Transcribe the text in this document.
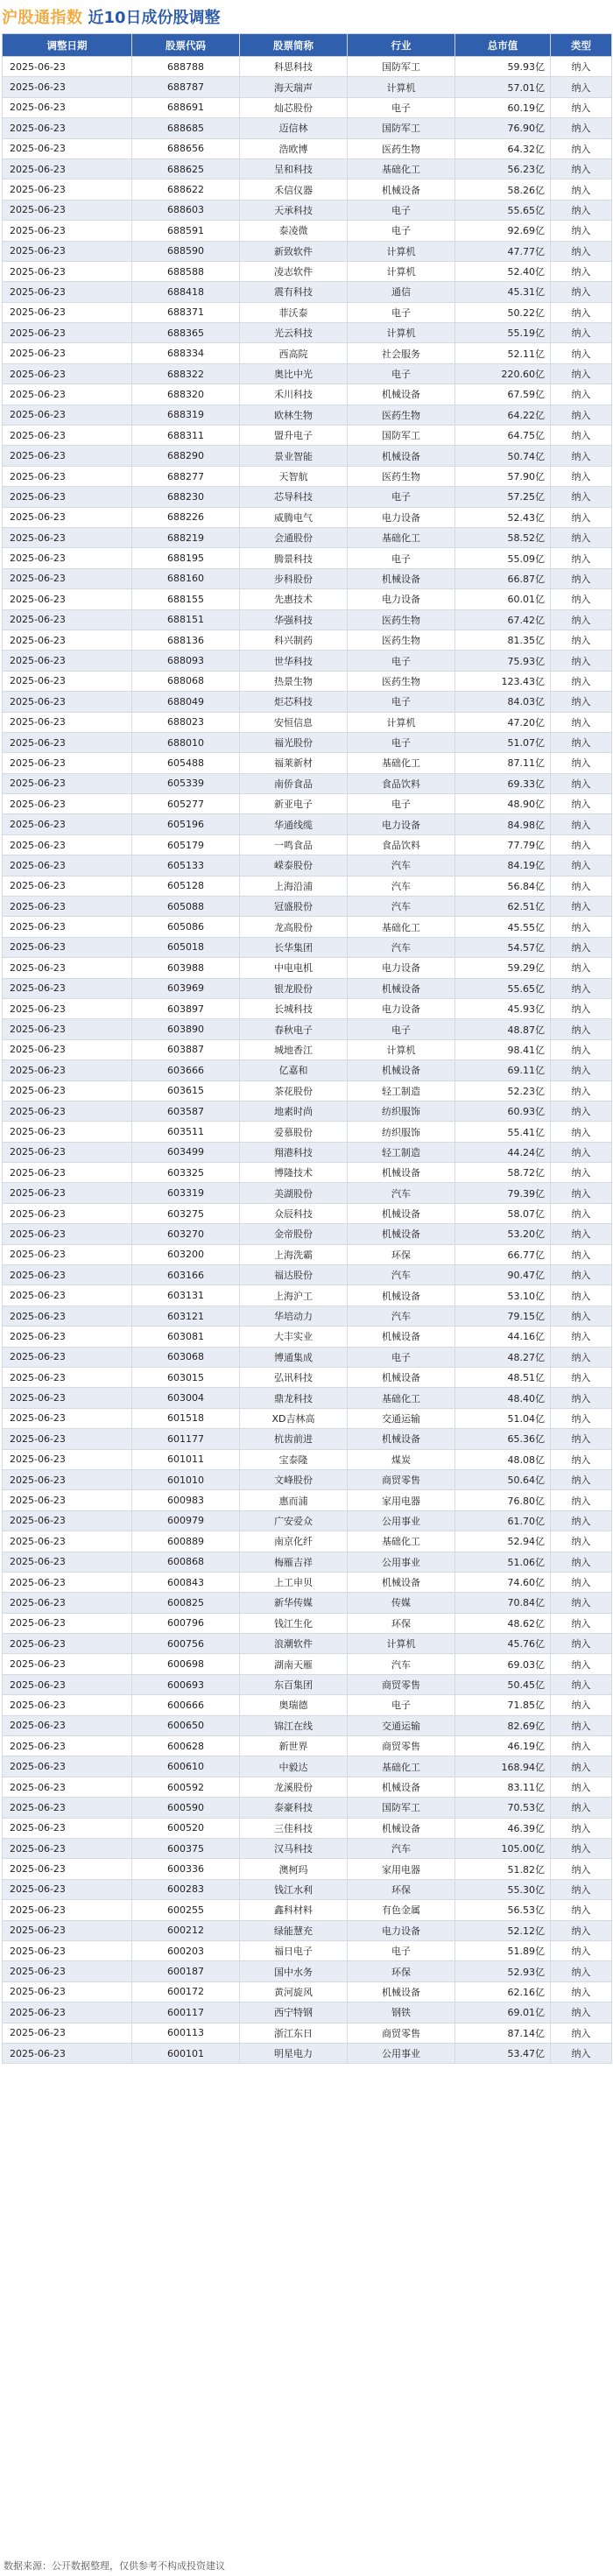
沪股通指数 近10日成份股调整
调整日期	股票代码	股票简称	行业	总市值	类型
2025-06-23	688788	科思科技	国防军工	59.93亿	纳入
2025-06-23	688787	海天瑞声	计算机	57.01亿	纳入
2025-06-23	688691	灿芯股份	电子	60.19亿	纳入
2025-06-23	688685	迈信林	国防军工	76.90亿	纳入
2025-06-23	688656	浩欧博	医药生物	64.32亿	纳入
2025-06-23	688625	呈和科技	基础化工	56.23亿	纳入
2025-06-23	688622	禾信仪器	机械设备	58.26亿	纳入
2025-06-23	688603	天承科技	电子	55.65亿	纳入
2025-06-23	688591	泰凌微	电子	92.69亿	纳入
2025-06-23	688590	新致软件	计算机	47.77亿	纳入
2025-06-23	688588	凌志软件	计算机	52.40亿	纳入
2025-06-23	688418	震有科技	通信	45.31亿	纳入
2025-06-23	688371	菲沃泰	电子	50.22亿	纳入
2025-06-23	688365	光云科技	计算机	55.19亿	纳入
2025-06-23	688334	西高院	社会服务	52.11亿	纳入
2025-06-23	688322	奥比中光	电子	220.60亿	纳入
2025-06-23	688320	禾川科技	机械设备	67.59亿	纳入
2025-06-23	688319	欧林生物	医药生物	64.22亿	纳入
2025-06-23	688311	盟升电子	国防军工	64.75亿	纳入
2025-06-23	688290	景业智能	机械设备	50.74亿	纳入
2025-06-23	688277	天智航	医药生物	57.90亿	纳入
2025-06-23	688230	芯导科技	电子	57.25亿	纳入
2025-06-23	688226	威腾电气	电力设备	52.43亿	纳入
2025-06-23	688219	会通股份	基础化工	58.52亿	纳入
2025-06-23	688195	腾景科技	电子	55.09亿	纳入
2025-06-23	688160	步科股份	机械设备	66.87亿	纳入
2025-06-23	688155	先惠技术	电力设备	60.01亿	纳入
2025-06-23	688151	华强科技	医药生物	67.42亿	纳入
2025-06-23	688136	科兴制药	医药生物	81.35亿	纳入
2025-06-23	688093	世华科技	电子	75.93亿	纳入
2025-06-23	688068	热景生物	医药生物	123.43亿	纳入
2025-06-23	688049	炬芯科技	电子	84.03亿	纳入
2025-06-23	688023	安恒信息	计算机	47.20亿	纳入
2025-06-23	688010	福光股份	电子	51.07亿	纳入
2025-06-23	605488	福莱新材	基础化工	87.11亿	纳入
2025-06-23	605339	南侨食品	食品饮料	69.33亿	纳入
2025-06-23	605277	新亚电子	电子	48.90亿	纳入
2025-06-23	605196	华通线缆	电力设备	84.98亿	纳入
2025-06-23	605179	一鸣食品	食品饮料	77.79亿	纳入
2025-06-23	605133	嵘泰股份	汽车	84.19亿	纳入
2025-06-23	605128	上海沿浦	汽车	56.84亿	纳入
2025-06-23	605088	冠盛股份	汽车	62.51亿	纳入
2025-06-23	605086	龙高股份	基础化工	45.55亿	纳入
2025-06-23	605018	长华集团	汽车	54.57亿	纳入
2025-06-23	603988	中电电机	电力设备	59.29亿	纳入
2025-06-23	603969	银龙股份	机械设备	55.65亿	纳入
2025-06-23	603897	长城科技	电力设备	45.93亿	纳入
2025-06-23	603890	春秋电子	电子	48.87亿	纳入
2025-06-23	603887	城地香江	计算机	98.41亿	纳入
2025-06-23	603666	亿嘉和	机械设备	69.11亿	纳入
2025-06-23	603615	茶花股份	轻工制造	52.23亿	纳入
2025-06-23	603587	地素时尚	纺织服饰	60.93亿	纳入
2025-06-23	603511	爱慕股份	纺织服饰	55.41亿	纳入
2025-06-23	603499	翔港科技	轻工制造	44.24亿	纳入
2025-06-23	603325	博隆技术	机械设备	58.72亿	纳入
2025-06-23	603319	美湖股份	汽车	79.39亿	纳入
2025-06-23	603275	众辰科技	机械设备	58.07亿	纳入
2025-06-23	603270	金帝股份	机械设备	53.20亿	纳入
2025-06-23	603200	上海洗霸	环保	66.77亿	纳入
2025-06-23	603166	福达股份	汽车	90.47亿	纳入
2025-06-23	603131	上海沪工	机械设备	53.10亿	纳入
2025-06-23	603121	华培动力	汽车	79.15亿	纳入
2025-06-23	603081	大丰实业	机械设备	44.16亿	纳入
2025-06-23	603068	博通集成	电子	48.27亿	纳入
2025-06-23	603015	弘讯科技	机械设备	48.51亿	纳入
2025-06-23	603004	鼎龙科技	基础化工	48.40亿	纳入
2025-06-23	601518	XD吉林高	交通运输	51.04亿	纳入
2025-06-23	601177	杭齿前进	机械设备	65.36亿	纳入
2025-06-23	601011	宝泰隆	煤炭	48.08亿	纳入
2025-06-23	601010	文峰股份	商贸零售	50.64亿	纳入
2025-06-23	600983	惠而浦	家用电器	76.80亿	纳入
2025-06-23	600979	广安爱众	公用事业	61.70亿	纳入
2025-06-23	600889	南京化纤	基础化工	52.94亿	纳入
2025-06-23	600868	梅雁吉祥	公用事业	51.06亿	纳入
2025-06-23	600843	上工申贝	机械设备	74.60亿	纳入
2025-06-23	600825	新华传媒	传媒	70.84亿	纳入
2025-06-23	600796	钱江生化	环保	48.62亿	纳入
2025-06-23	600756	浪潮软件	计算机	45.76亿	纳入
2025-06-23	600698	湖南天雁	汽车	69.03亿	纳入
2025-06-23	600693	东百集团	商贸零售	50.45亿	纳入
2025-06-23	600666	奥瑞德	电子	71.85亿	纳入
2025-06-23	600650	锦江在线	交通运输	82.69亿	纳入
2025-06-23	600628	新世界	商贸零售	46.19亿	纳入
2025-06-23	600610	中毅达	基础化工	168.94亿	纳入
2025-06-23	600592	龙溪股份	机械设备	83.11亿	纳入
2025-06-23	600590	泰豪科技	国防军工	70.53亿	纳入
2025-06-23	600520	三佳科技	机械设备	46.39亿	纳入
2025-06-23	600375	汉马科技	汽车	105.00亿	纳入
2025-06-23	600336	澳柯玛	家用电器	51.82亿	纳入
2025-06-23	600283	钱江水利	环保	55.30亿	纳入
2025-06-23	600255	鑫科材料	有色金属	56.53亿	纳入
2025-06-23	600212	绿能慧充	电力设备	52.12亿	纳入
2025-06-23	600203	福日电子	电子	51.89亿	纳入
2025-06-23	600187	国中水务	环保	52.93亿	纳入
2025-06-23	600172	黄河旋风	机械设备	62.16亿	纳入
2025-06-23	600117	西宁特钢	钢铁	69.01亿	纳入
2025-06-23	600113	浙江东日	商贸零售	87.14亿	纳入
2025-06-23	600101	明星电力	公用事业	53.47亿	纳入
数据来源：公开数据整理，仅供参考不构成投资建议
